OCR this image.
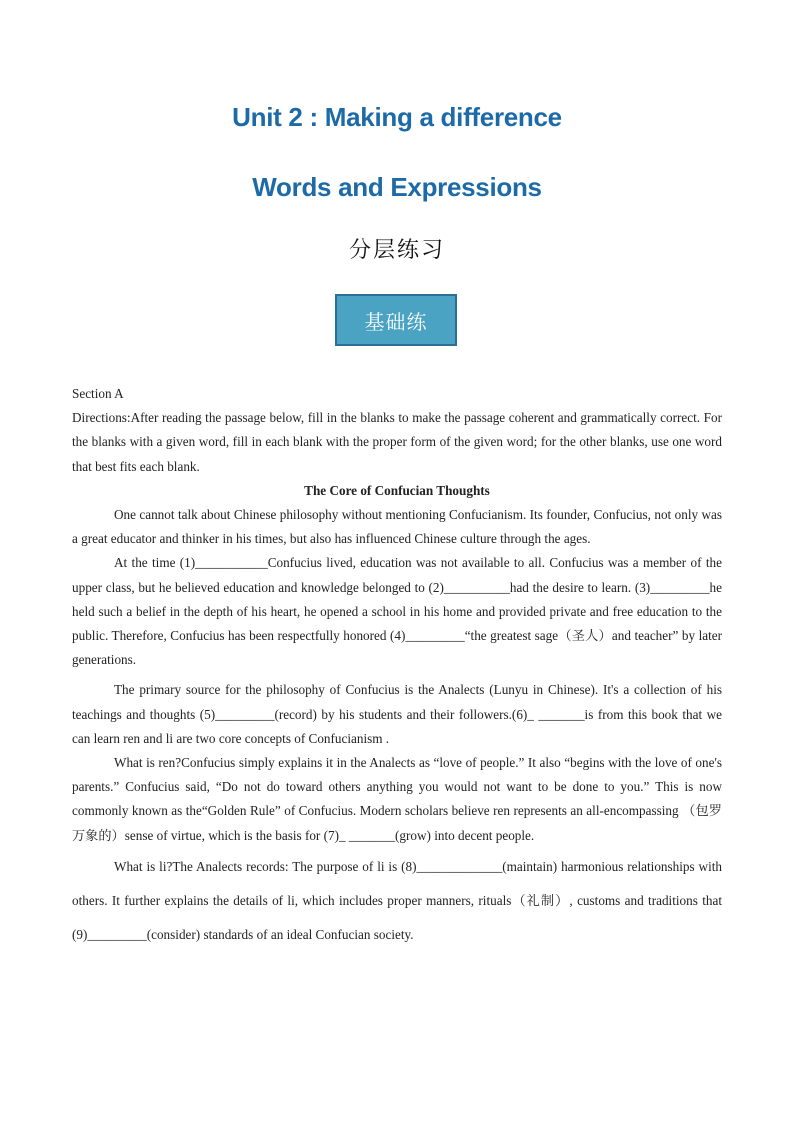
Unit 2 : Making a difference
Words and Expressions
分层练习
基础练

Section A

Directions:After reading the passage below, fill in the blanks to make the passage coherent and grammatically correct. For the blanks with a given word, fill in each blank with the proper form of the given word; for the other blanks, use one word that best fits each blank.

The Core of Confucian Thoughts

One cannot talk about Chinese philosophy without mentioning Confucianism. Its founder, Confucius, not only was a great educator and thinker in his times, but also has influenced Chinese culture through the ages.

At the time (1)___________Confucius lived, education was not available to all. Confucius was a member of the upper class, but he believed education and knowledge belonged to (2)__________had the desire to learn. (3)_________he held such a belief in the depth of his heart, he opened a school in his home and provided private and free education to the public. Therefore, Confucius has been respectfully honored (4)_________“the greatest sage（圣人）and teacher” by later generations.

The primary source for the philosophy of Confucius is the Analects (Lunyu in Chinese). It's a collection of his teachings and thoughts (5)_________(record) by his students and their followers.(6)_ _______is from this book that we can learn ren and li are two core concepts of Confucianism .

What is ren?Confucius simply explains it in the Analects as “love of people.” It also “begins with the love of one's parents.” Confucius said, “Do not do toward others anything you would not want to be done to you.” This is now commonly known as the“Golden Rule” of Confucius. Modern scholars believe ren represents an all-encompassing （包罗万象的）sense of virtue, which is the basis for (7)_ _______(grow) into decent people.

What is li?The Analects records: The purpose of li is (8)_____________(maintain) harmonious relationships with others. It further explains the details of li, which includes proper manners, rituals（礼制）, customs and traditions that (9)_________(consider) standards of an ideal Confucian society.
